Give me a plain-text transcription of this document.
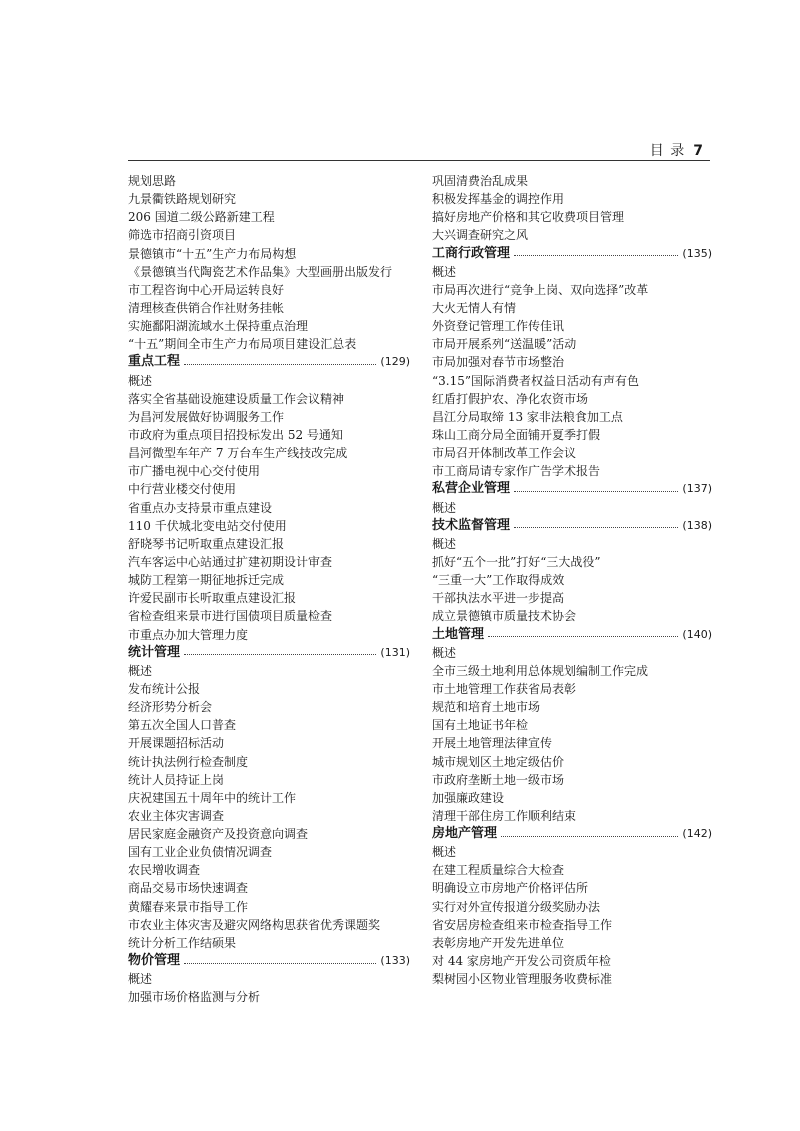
目 录 7
规划思路
九景衢铁路规划研究
206 国道二级公路新建工程
筛选市招商引资项目
景德镇市“十五”生产力布局构想
《景德镇当代陶瓷艺术作品集》大型画册出版发行
市工程咨询中心开局运转良好
清理核查供销合作社财务挂帐
实施鄱阳湖流域水土保持重点治理
“十五”期间全市生产力布局项目建设汇总表
重点工程	(129)
概述
落实全省基础设施建设质量工作会议精神
为昌河发展做好协调服务工作
市政府为重点项目招投标发出 52 号通知
昌河微型车年产 7 万台车生产线技改完成
市广播电视中心交付使用
中行营业楼交付使用
省重点办支持景市重点建设
110 千伏城北变电站交付使用
舒晓琴书记听取重点建设汇报
汽车客运中心站通过扩建初期设计审查
城防工程第一期征地拆迁完成
许爱民副市长听取重点建设汇报
省检查组来景市进行国债项目质量检查
市重点办加大管理力度
统计管理	(131)
概述
发布统计公报
经济形势分析会
第五次全国人口普查
开展课题招标活动
统计执法例行检查制度
统计人员持证上岗
庆祝建国五十周年中的统计工作
农业主体灾害调查
居民家庭金融资产及投资意向调查
国有工业企业负债情况调查
农民增收调查
商品交易市场快速调查
黄耀春来景市指导工作
市农业主体灾害及避灾网络构思获省优秀课题奖
统计分析工作结硕果
物价管理	(133)
概述
加强市场价格监测与分析
巩固清费治乱成果
积极发挥基金的调控作用
搞好房地产价格和其它收费项目管理
大兴调查研究之风
工商行政管理	(135)
概述
市局再次进行“竞争上岗、双向选择”改革
大火无情人有情
外资登记管理工作传佳讯
市局开展系列“送温暖”活动
市局加强对春节市场整治
“3.15”国际消费者权益日活动有声有色
红盾打假护农、净化农资市场
昌江分局取缔 13 家非法粮食加工点
珠山工商分局全面铺开夏季打假
市局召开体制改革工作会议
市工商局请专家作广告学术报告
私营企业管理	(137)
概述
技术监督管理	(138)
概述
抓好“五个一批”打好“三大战役”
“三重一大”工作取得成效
干部执法水平进一步提高
成立景德镇市质量技术协会
土地管理	(140)
概述
全市三级土地利用总体规划编制工作完成
市土地管理工作获省局表彰
规范和培育土地市场
国有土地证书年检
开展土地管理法律宣传
城市规划区土地定级估价
市政府垄断土地一级市场
加强廉政建设
清理干部住房工作顺利结束
房地产管理	(142)
概述
在建工程质量综合大检查
明确设立市房地产价格评估所
实行对外宣传报道分级奖励办法
省安居房检查组来市检查指导工作
表彰房地产开发先进单位
对 44 家房地产开发公司资质年检
梨树园小区物业管理服务收费标准
